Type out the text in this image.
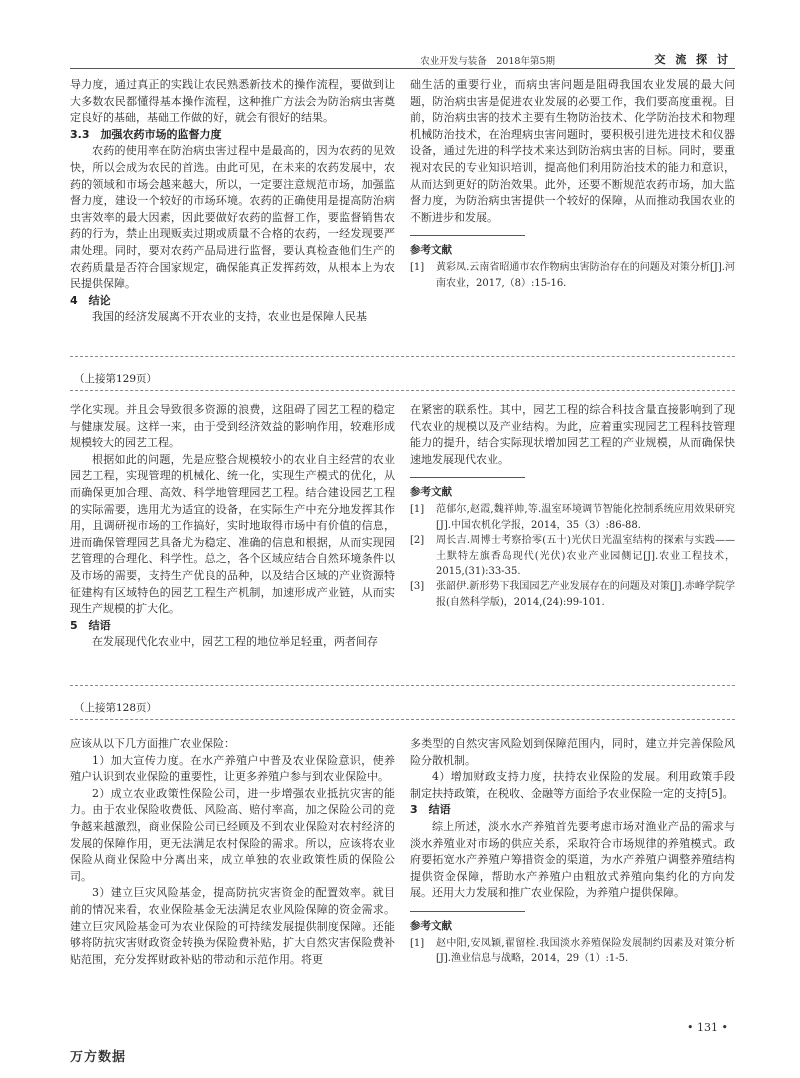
农业开发与装备　2018年第5期	交 流 探 讨

导力度，通过真正的实践让农民熟悉新技术的操作流程，要做到让大多数农民都懂得基本操作流程，这种推广方法会为防治病虫害奠定良好的基础，基础工作做的好，就会有很好的结果。

3.3　加强农药市场的监督力度

农药的使用率在防治病虫害过程中是最高的，因为农药的见效快，所以会成为农民的首选。由此可见，在未来的农药发展中，农药的领域和市场会越来越大，所以，一定要注意规范市场，加强监督力度，建设一个较好的市场环境。农药的正确使用是提高防治病虫害效率的最大因素，因此要做好农药的监督工作，要监督销售农药的行为，禁止出现贩卖过期或质量不合格的农药，一经发现要严肃处理。同时，要对农药产品局进行监督，要认真检查他们生产的农药质量是否符合国家规定，确保能真正发挥药效，从根本上为农民提供保障。

4　结论

我国的经济发展离不开农业的支持，农业也是保障人民基

础生活的重要行业，而病虫害问题是阻碍我国农业发展的最大问题，防治病虫害是促进农业发展的必要工作，我们要高度重视。目前，防治病虫害的技术主要有生物防治技术、化学防治技术和物理机械防治技术，在治理病虫害问题时，要积极引进先进技术和仪器设备，通过先进的科学技术来达到防治病虫害的目标。同时，要重视对农民的专业知识培训，提高他们利用防治技术的能力和意识，从而达到更好的防治效果。此外，还要不断规范农药市场，加大监督力度，为防治病虫害提供一个较好的保障，从而推动我国农业的不断进步和发展。

参考文献
[1]	黄彩凤.云南省昭通市农作物病虫害防治存在的问题及对策分析[J].河南农业，2017,（8）:15-16.
（上接第129页）

学化实现。并且会导致很多资源的浪费，这阻碍了园艺工程的稳定与健康发展。这样一来，由于受到经济效益的影响作用，较难形成规模较大的园艺工程。

根据如此的问题，先是应整合规模较小的农业自主经营的农业园艺工程，实现管理的机械化、统一化，实现生产模式的优化，从而确保更加合理、高效、科学地管理园艺工程。结合建设园艺工程的实际需要，选用尤为适宜的设备，在实际生产中充分地发挥其作用，且调研视市场的工作搞好，实时地取得市场中有价值的信息，进而确保管理园艺具备尤为稳定、准确的信息和根据，从而实现园艺管理的合理化、科学性。总之，各个区域应结合自然环境条件以及市场的需要，支持生产优良的品种，以及结合区域的产业资源特征建构有区域特色的园艺工程生产机制，加速形成产业链，从而实现生产规模的扩大化。

5　结语

在发展现代化农业中，园艺工程的地位举足轻重，两者间存

在紧密的联系性。其中，园艺工程的综合科技含量直接影响到了现代农业的规模以及产业结构。为此，应着重实现园艺工程科技管理能力的提升，结合实际现状增加园艺工程的产业规模，从而确保快速地发展现代农业。

参考文献
[1]	范郁尔,赵霞,魏祥帅,等.温室环境调节智能化控制系统应用效果研究[J].中国农机化学报，2014，35（3）:86-88.
[2]	周长吉.周博士考察拾零(五十)光伏日光温室结构的探索与实践——土默特左旗香岛现代(光伏)农业产业园侧记[J].农业工程技术，2015,(31):33-35.
[3]	张韶伊.新形势下我国园艺产业发展存在的问题及对策[J].赤峰学院学报(自然科学版)，2014,(24):99-101.
（上接第128页）

应该从以下几方面推广农业保险：

1）加大宣传力度。在水产养殖户中普及农业保险意识，使养殖户认识到农业保险的重要性，让更多养殖户参与到农业保险中。

2）成立农业政策性保险公司，进一步增强农业抵抗灾害的能力。由于农业保险收费低、风险高、赔付率高，加之保险公司的竞争越来越激烈，商业保险公司已经顾及不到农业保险对农村经济的发展的保障作用，更无法满足农村保险的需求。所以，应该将农业保险从商业保险中分离出来，成立单独的农业政策性质的保险公司。

3）建立巨灾风险基金，提高防抗灾害资金的配置效率。就目前的情况来看，农业保险基金无法满足农业风险保障的资金需求。建立巨灾风险基金可为农业保险的可持续发展提供制度保障。还能够将防抗灾害财政资金转换为保险费补贴，扩大自然灾害保险费补贴范围，充分发挥财政补贴的带动和示范作用。将更

多类型的自然灾害风险划到保障范围内，同时，建立并完善保险风险分散机制。

4）增加财政支持力度，扶持农业保险的发展。利用政策手段制定扶持政策，在税收、金融等方面给予农业保险一定的支持[5]。

3　结语

综上所述，淡水水产养殖首先要考虑市场对渔业产品的需求与淡水养殖业对市场的供应关系，采取符合市场规律的养殖模式。政府要拓宽水产养殖户筹措资金的渠道，为水产养殖户调整养殖结构提供资金保障，帮助水产养殖户由粗放式养殖向集约化的方向发展。还用大力发展和推广农业保险，为养殖户提供保障。

参考文献
[1]	赵中阳,安凤颖,翟留栓.我国淡水养殖保险发展制约因素及对策分析[J].渔业信息与战略，2014，29（1）:1-5.
• 131 •
万方数据
